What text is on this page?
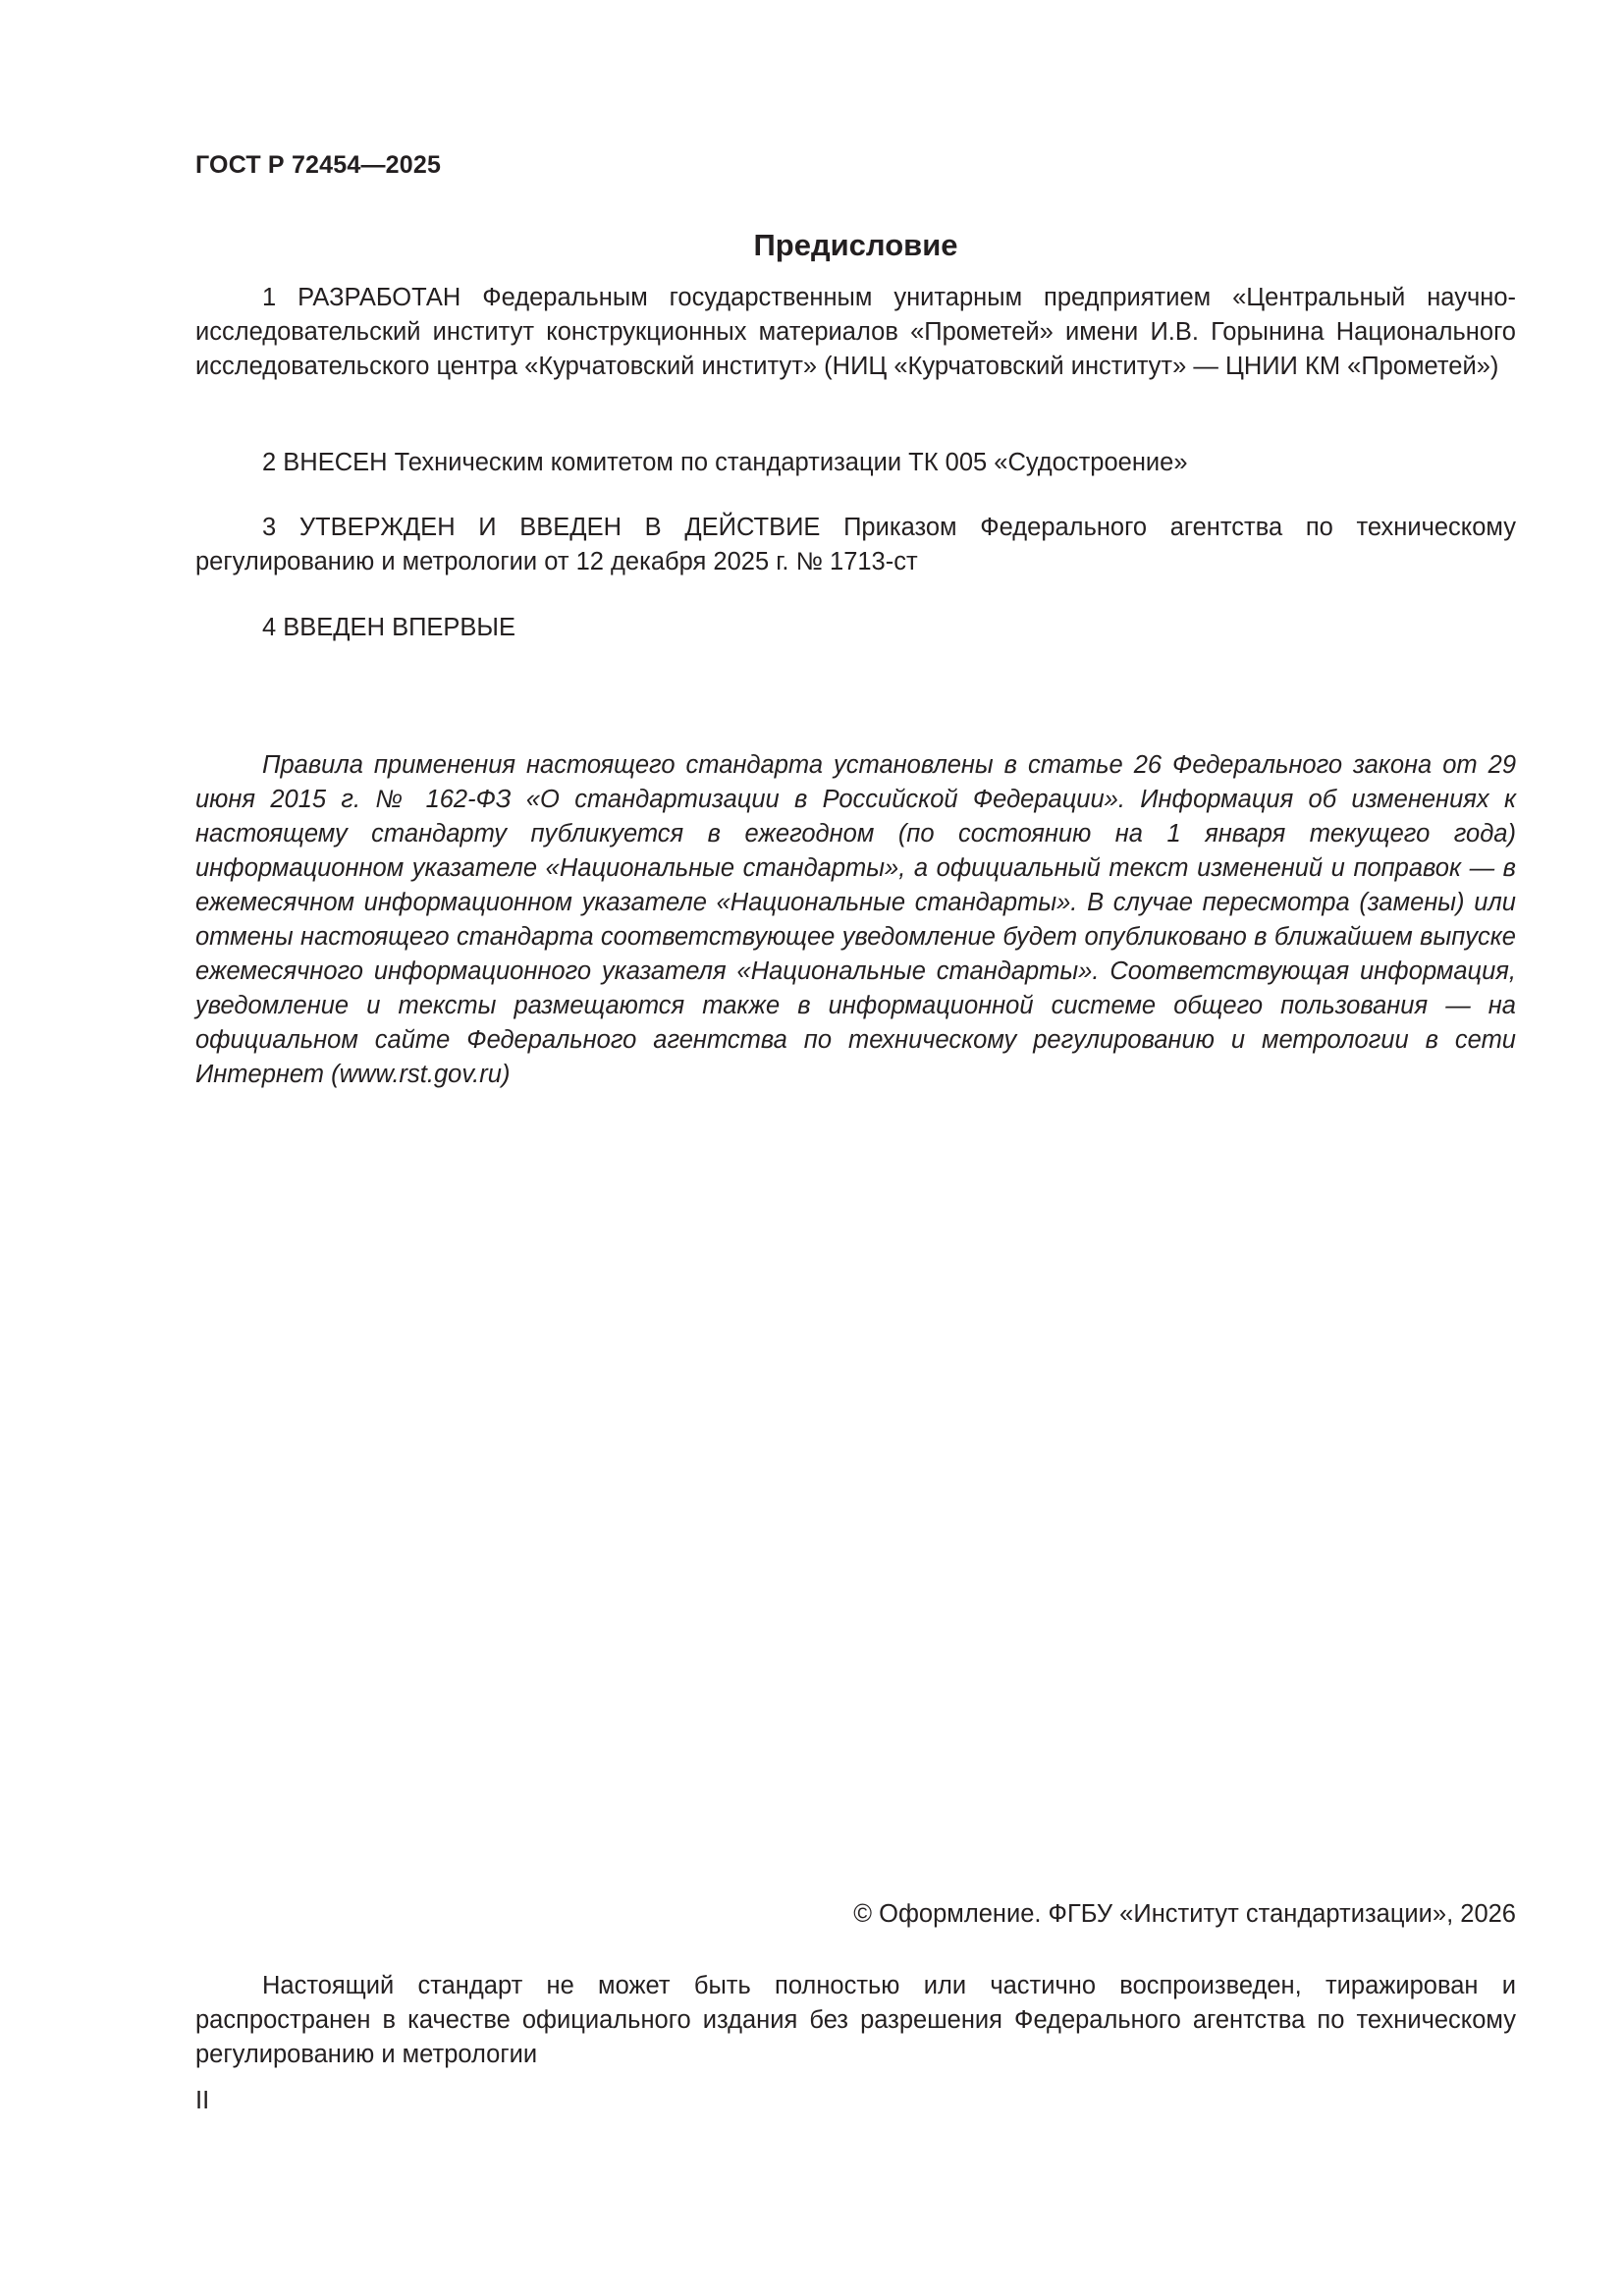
ГОСТ Р 72454—2025
Предисловие

1 РАЗРАБОТАН Федеральным государственным унитарным предприятием «Центральный научно-исследовательский институт конструкционных материалов «Прометей» имени И.В. Горынина Национального исследовательского центра «Курчатовский институт» (НИЦ «Курчатовский институт» — ЦНИИ КМ «Прометей»)

2 ВНЕСЕН Техническим комитетом по стандартизации ТК 005 «Судостроение»

3 УТВЕРЖДЕН И ВВЕДЕН В ДЕЙСТВИЕ Приказом Федерального агентства по техническому регулированию и метрологии от 12 декабря 2025 г. № 1713-ст

4 ВВЕДЕН ВПЕРВЫЕ

Правила применения настоящего стандарта установлены в статье 26 Федерального закона от 29 июня 2015 г. № 162-ФЗ «О стандартизации в Российской Федерации». Информация об изменениях к настоящему стандарту публикуется в ежегодном (по состоянию на 1 января текущего года) информационном указателе «Национальные стандарты», а официальный текст изменений и поправок — в ежемесячном информационном указателе «Национальные стандарты». В случае пересмотра (замены) или отмены настоящего стандарта соответствующее уведомление будет опубликовано в ближайшем выпуске ежемесячного информационного указателя «Национальные стандарты». Соответствующая информация, уведомление и тексты размещаются также в информационной системе общего пользования — на официальном сайте Федерального агентства по техническому регулированию и метрологии в сети Интернет (www.rst.gov.ru)

© Оформление. ФГБУ «Институт стандартизации», 2026

Настоящий стандарт не может быть полностью или частично воспроизведен, тиражирован и распространен в качестве официального издания без разрешения Федерального агентства по техническому регулированию и метрологии

II
